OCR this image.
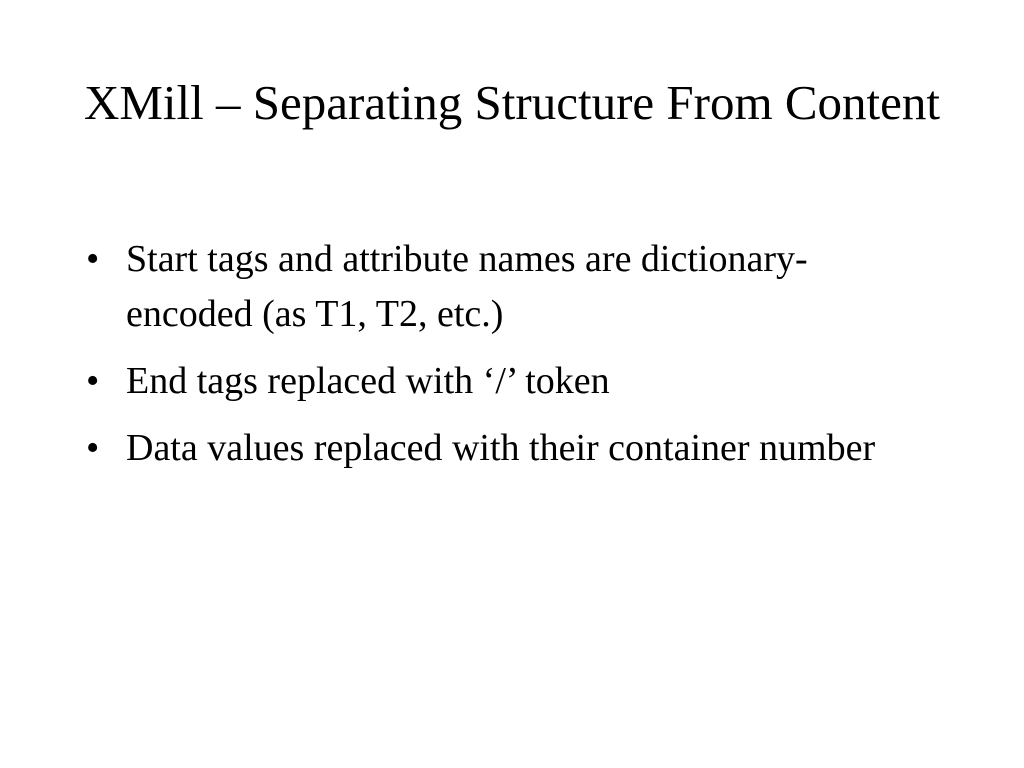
XMill – Separating Structure From Content
• Start tags and attribute names are dictionary-encoded (as T1, T2, etc.)
• End tags replaced with ‘/’ token
• Data values replaced with their container number
